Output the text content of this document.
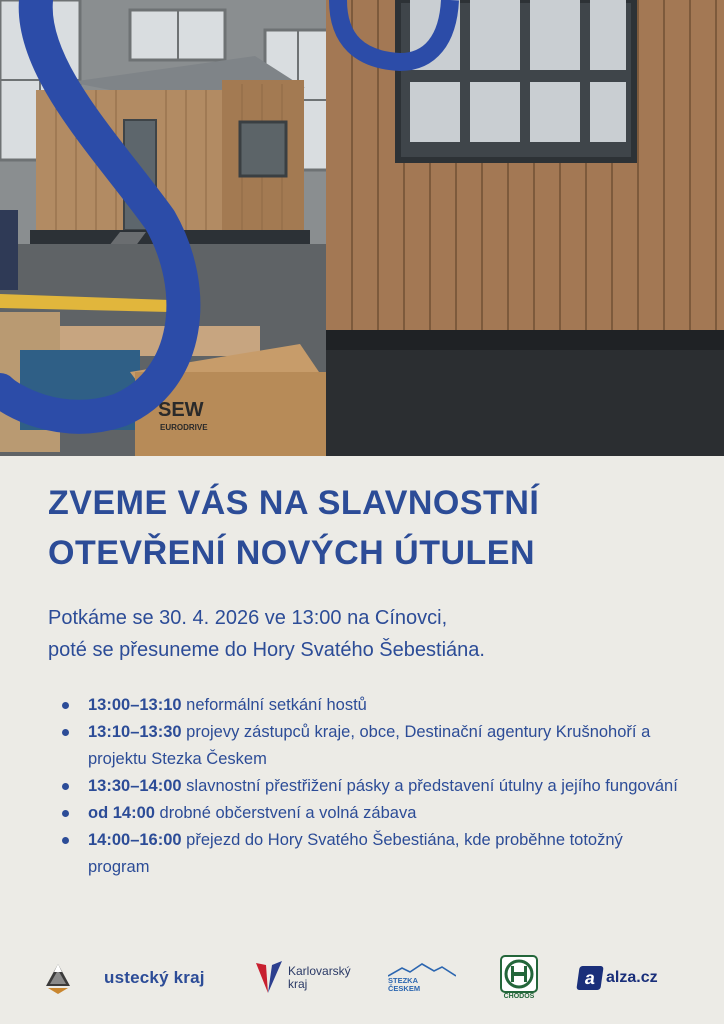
SEW
EURODRIVE
ZVEME VÁS NA SLAVNOSTNÍ
OTEVŘENÍ NOVÝCH ÚTULEN

Potkáme se 30. 4. 2026 ve 13:00 na Cínovci,
poté se přesuneme do Hory Svatého Šebestiána.

13:00–13:10 neformální setkání hostů
13:10–13:30 projevy zástupců kraje, obce, Destinační agentury Krušnohoří a projektu Stezka Českem
13:30–14:00 slavnostní přestřižení pásky a představení útulny a jejího fungování
od 14:00 drobné občerstvení a volná zábava
14:00–16:00 přejezd do Hory Svatého Šebestiána, kde proběhne totožný program
ustecký kraj	Karlovarský
kraj	STEZKA
ČESKEM
CHODOS
a alza.cz
